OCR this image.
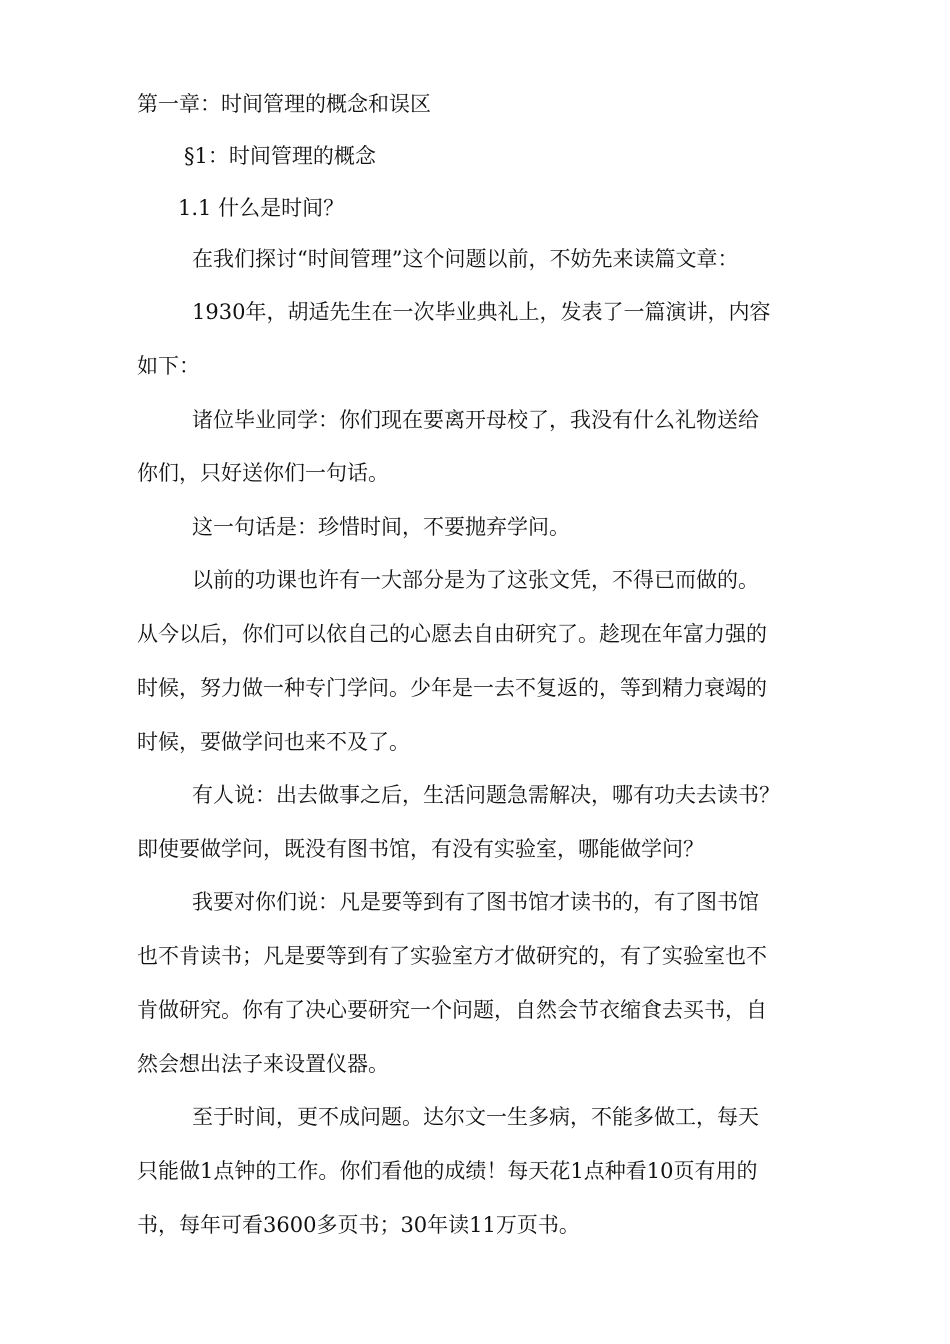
第一章：时间管理的概念和误区
§1：时间管理的概念
1.1 什么是时间？
在我们探讨“时间管理”这个问题以前，不妨先来读篇文章：
1930年，胡适先生在一次毕业典礼上，发表了一篇演讲，内容
如下：
诸位毕业同学：你们现在要离开母校了，我没有什么礼物送给
你们，只好送你们一句话。
这一句话是：珍惜时间，不要抛弃学问。
以前的功课也许有一大部分是为了这张文凭，不得已而做的。
从今以后，你们可以依自己的心愿去自由研究了。趁现在年富力强的
时候，努力做一种专门学问。少年是一去不复返的，等到精力衰竭的
时候，要做学问也来不及了。
有人说：出去做事之后，生活问题急需解决，哪有功夫去读书？
即使要做学问，既没有图书馆，有没有实验室，哪能做学问？
我要对你们说：凡是要等到有了图书馆才读书的，有了图书馆
也不肯读书；凡是要等到有了实验室方才做研究的，有了实验室也不
肯做研究。你有了决心要研究一个问题，自然会节衣缩食去买书，自
然会想出法子来设置仪器。
至于时间，更不成问题。达尔文一生多病，不能多做工，每天
只能做1点钟的工作。你们看他的成绩！每天花1点种看10页有用的
书，每年可看3600多页书；30年读11万页书。
